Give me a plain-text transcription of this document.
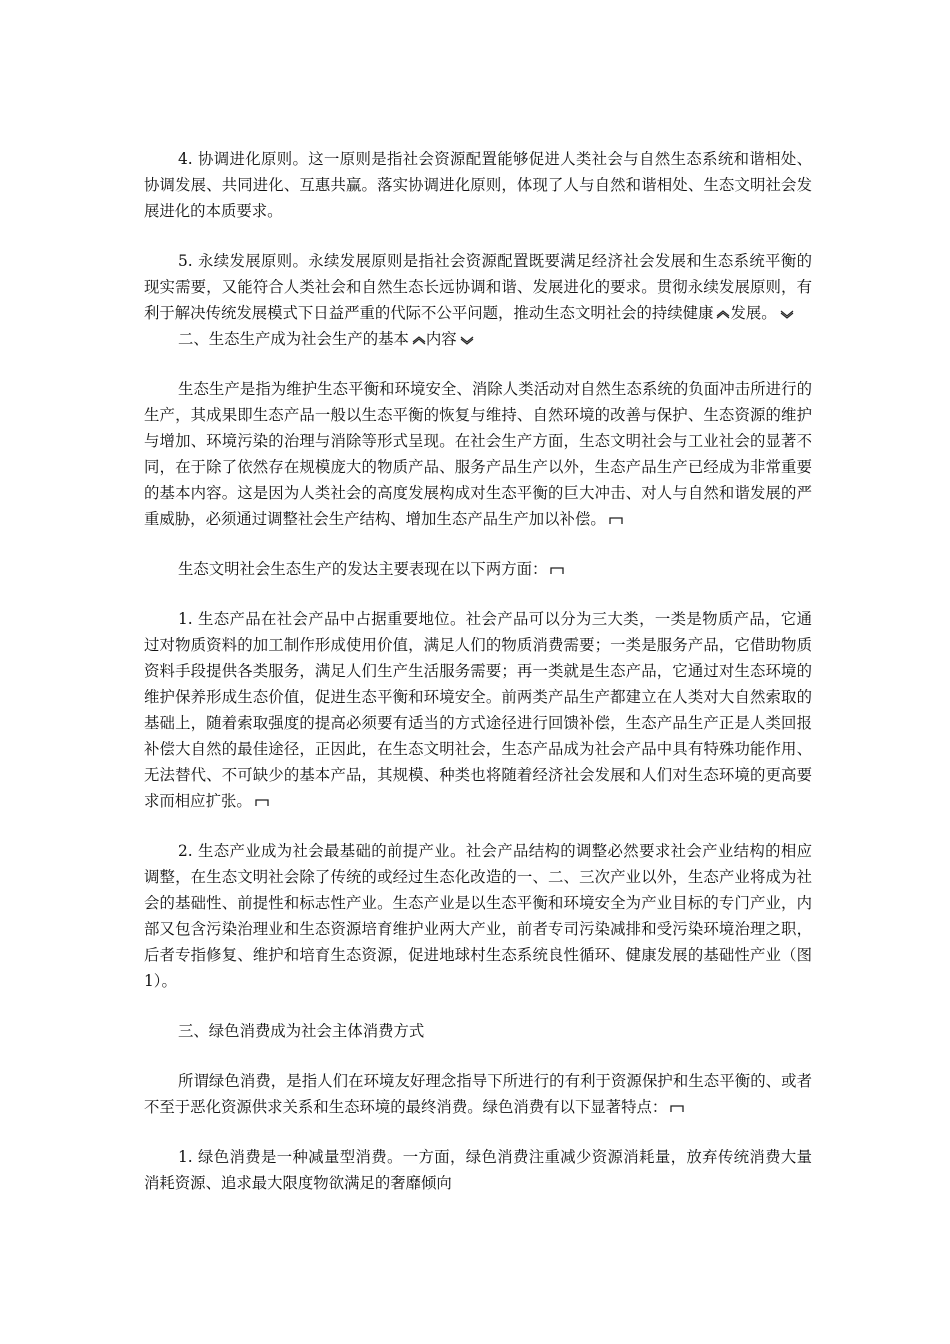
4. 协调进化原则。这一原则是指社会资源配置能够促进人类社会与自然生态系统和谐相处、协调发展、共同进化、互惠共赢。落实协调进化原则，体现了人与自然和谐相处、生态文明社会发展进化的本质要求。

5. 永续发展原则。永续发展原则是指社会资源配置既要满足经济社会发展和生态系统平衡的现实需要，又能符合人类社会和自然生态长远协调和谐、发展进化的要求。贯彻永续发展原则，有利于解决传统发展模式下日益严重的代际不公平问题，推动生态文明社会的持续健康 发展。

二、生态生产成为社会生产的基本 内容

生态生产是指为维护生态平衡和环境安全、消除人类活动对自然生态系统的负面冲击所进行的生产，其成果即生态产品一般以生态平衡的恢复与维持、自然环境的改善与保护、生态资源的维护与增加、环境污染的治理与消除等形式呈现。在社会生产方面，生态文明社会与工业社会的显著不同，在于除了依然存在规模庞大的物质产品、服务产品生产以外，生态产品生产已经成为非常重要的基本内容。这是因为人类社会的高度发展构成对生态平衡的巨大冲击、对人与自然和谐发展的严重威胁，必须通过调整社会生产结构、增加生态产品生产加以补偿。

生态文明社会生态生产的发达主要表现在以下两方面：

1. 生态产品在社会产品中占据重要地位。社会产品可以分为三大类，一类是物质产品，它通过对物质资料的加工制作形成使用价值，满足人们的物质消费需要；一类是服务产品，它借助物质资料手段提供各类服务，满足人们生产生活服务需要；再一类就是生态产品，它通过对生态环境的维护保养形成生态价值，促进生态平衡和环境安全。前两类产品生产都建立在人类对大自然索取的基础上，随着索取强度的提高必须要有适当的方式途径进行回馈补偿，生态产品生产正是人类回报补偿大自然的最佳途径，正因此，在生态文明社会，生态产品成为社会产品中具有特殊功能作用、无法替代、不可缺少的基本产品，其规模、种类也将随着经济社会发展和人们对生态环境的更高要求而相应扩张。

2. 生态产业成为社会最基础的前提产业。社会产品结构的调整必然要求社会产业结构的相应调整，在生态文明社会除了传统的或经过生态化改造的一、二、三次产业以外，生态产业将成为社会的基础性、前提性和标志性产业。生态产业是以生态平衡和环境安全为产业目标的专门产业，内部又包含污染治理业和生态资源培育维护业两大产业，前者专司污染减排和受污染环境治理之职，后者专指修复、维护和培育生态资源，促进地球村生态系统良性循环、健康发展的基础性产业（图1）。

三、绿色消费成为社会主体消费方式

所谓绿色消费，是指人们在环境友好理念指导下所进行的有利于资源保护和生态平衡的、或者不至于恶化资源供求关系和生态环境的最终消费。绿色消费有以下显著特点：

1. 绿色消费是一种减量型消费。一方面，绿色消费注重减少资源消耗量，放弃传统消费大量消耗资源、追求最大限度物欲满足的奢靡倾向
